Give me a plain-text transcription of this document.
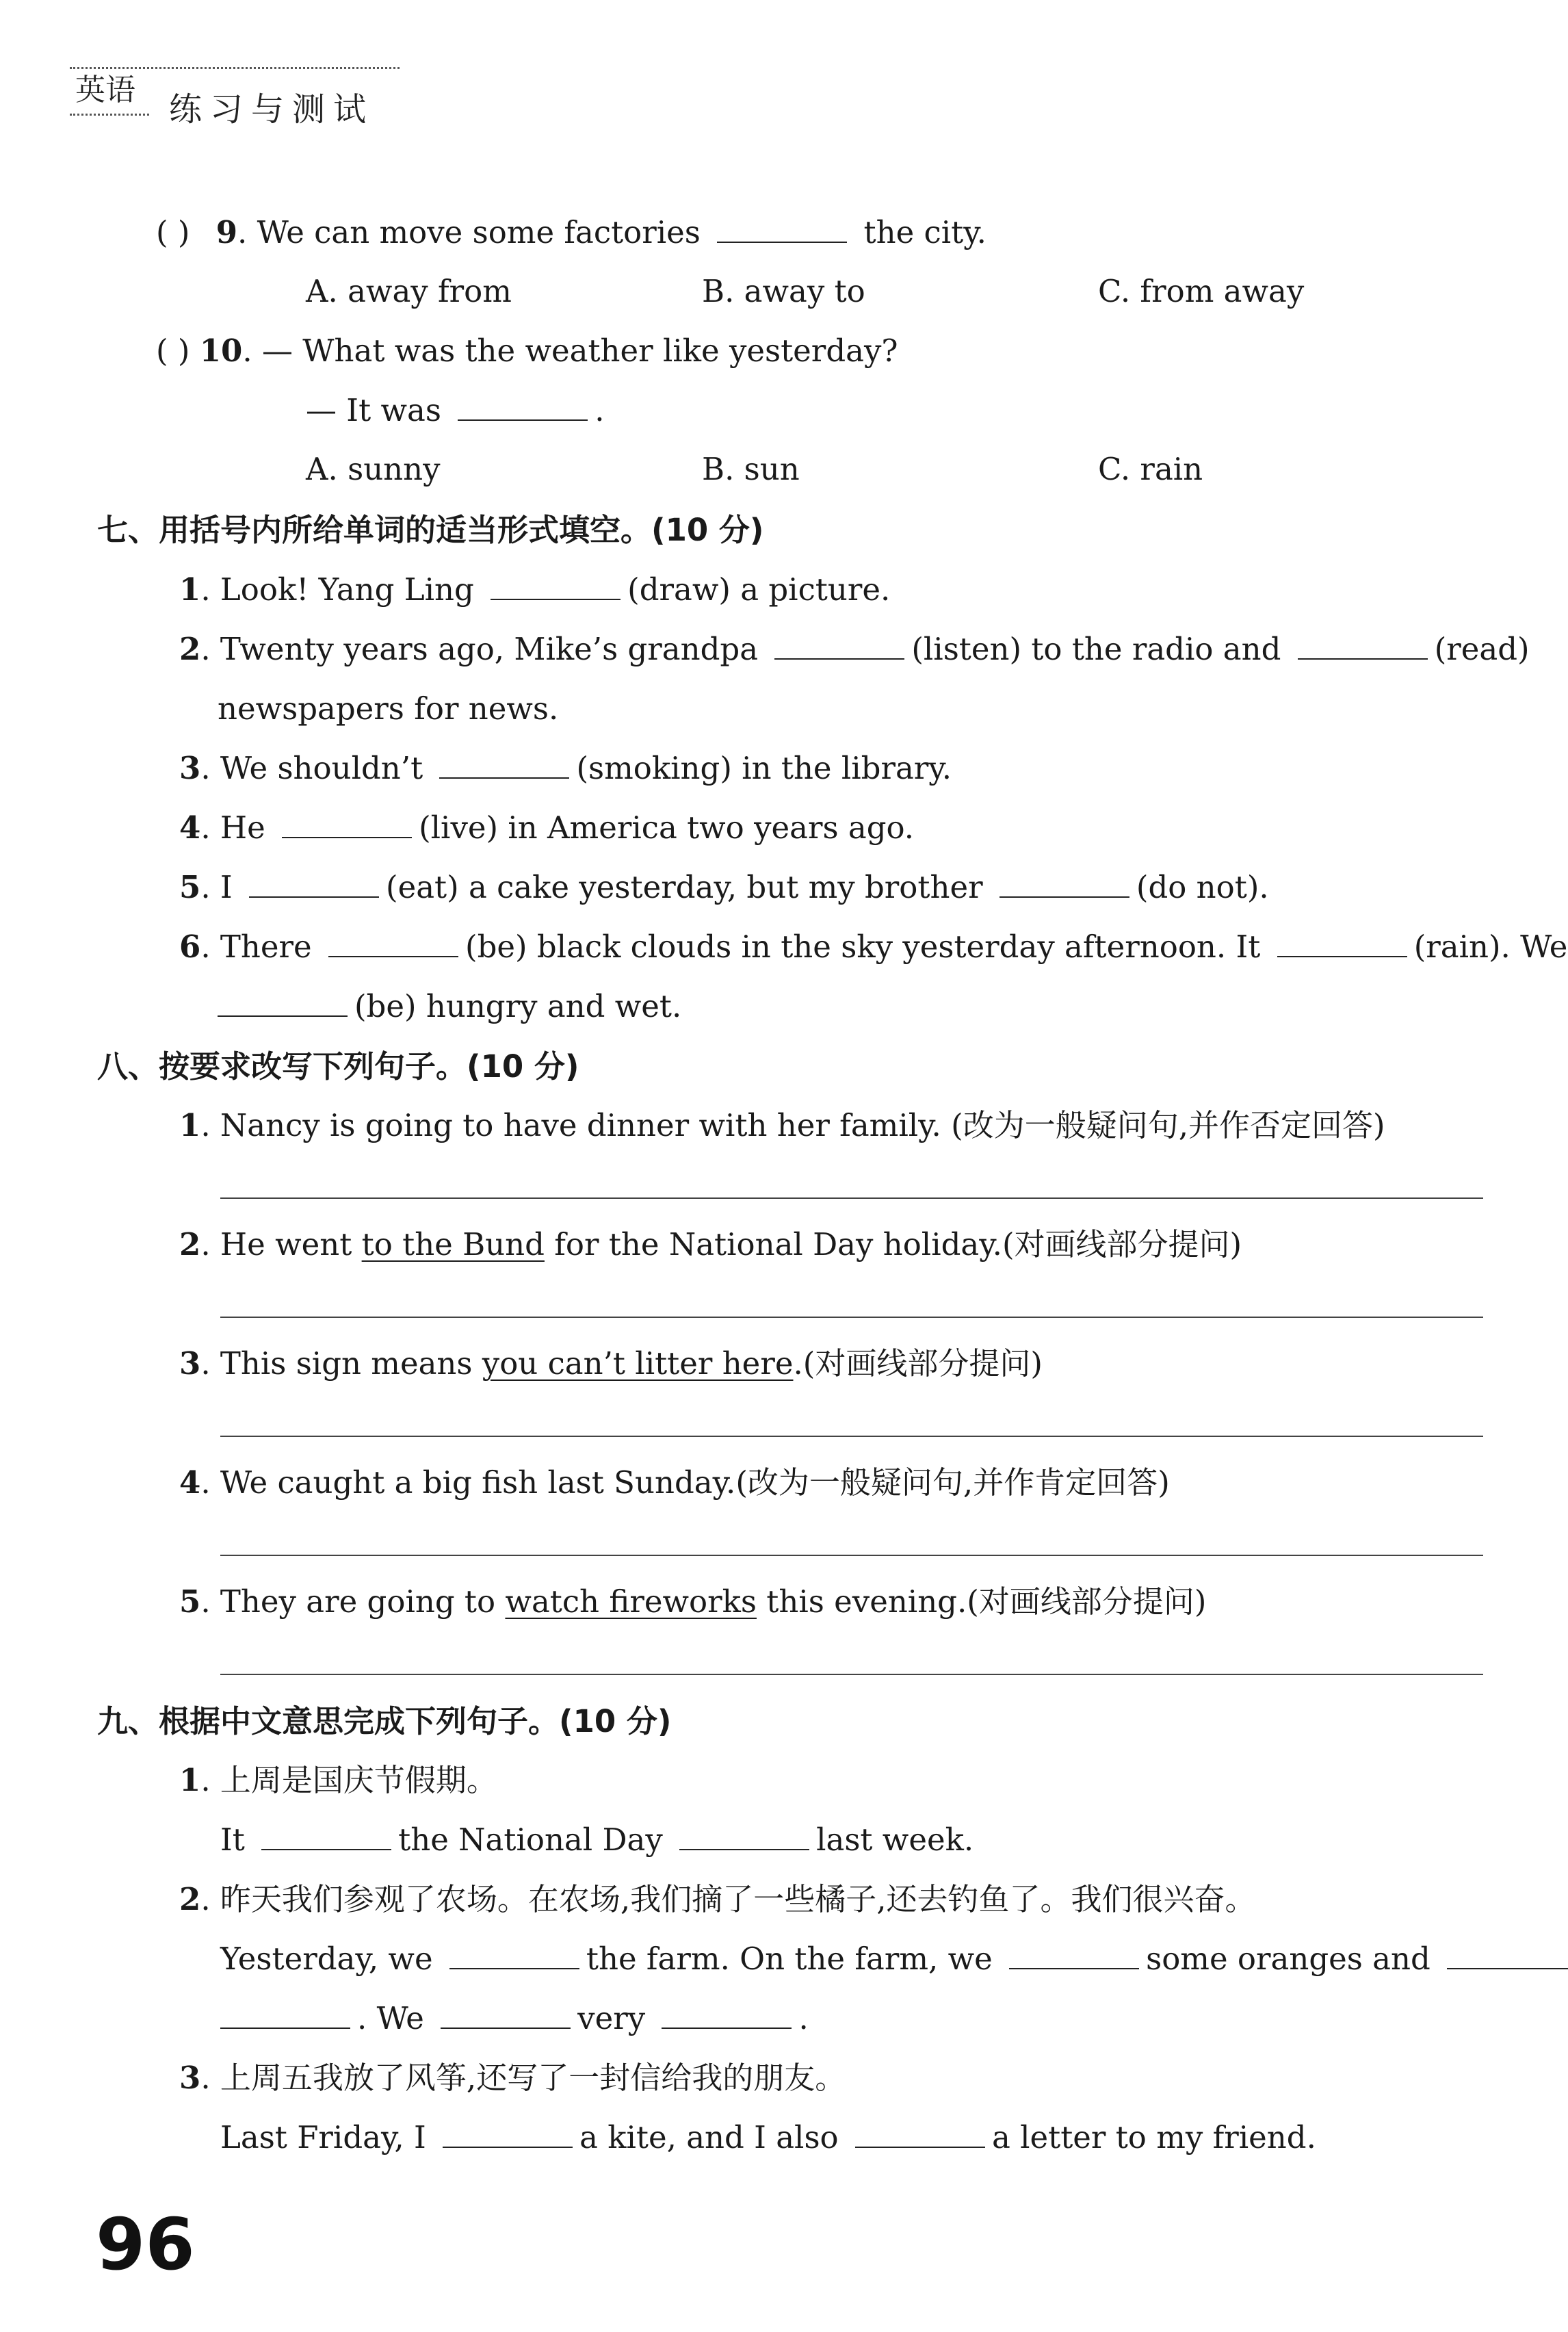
英语
练习与测试
( ) 9. We can move some factories	the city.
A. away from	B. away to	C. from away
( ) 10. — What was the weather like yesterday?
— It was	.
A. sunny	B. sun	C. rain
七、用括号内所给单词的适当形式填空。(10 分)
1. Look! Yang Ling	(draw) a picture.
2. Twenty years ago, Mike’s grandpa	(listen) to the radio and	(read)
newspapers for news.
3. We shouldn’t	(smoking) in the library.
4. He	(live) in America two years ago.
5. I	(eat) a cake yesterday, but my brother	(do not).
6. There	(be) black clouds in the sky yesterday afternoon. It	(rain). We
(be) hungry and wet.
八、按要求改写下列句子。(10 分)
1. Nancy is going to have dinner with her family. (改为一般疑问句,并作否定回答)
2. He went to the Bund for the National Day holiday.(对画线部分提问)
3. This sign means you can’t litter here.(对画线部分提问)
4. We caught a big fish last Sunday.(改为一般疑问句,并作肯定回答)
5. They are going to watch fireworks this evening.(对画线部分提问)
九、根据中文意思完成下列句子。(10 分)
1. 上周是国庆节假期。
It	the National Day	last week.
2. 昨天我们参观了农场。在农场,我们摘了一些橘子,还去钓鱼了。我们很兴奋。
Yesterday, we	the farm. On the farm, we	some oranges and
. We	very	.
3. 上周五我放了风筝,还写了一封信给我的朋友。
Last Friday, I	a kite, and I also	a letter to my friend.
96
